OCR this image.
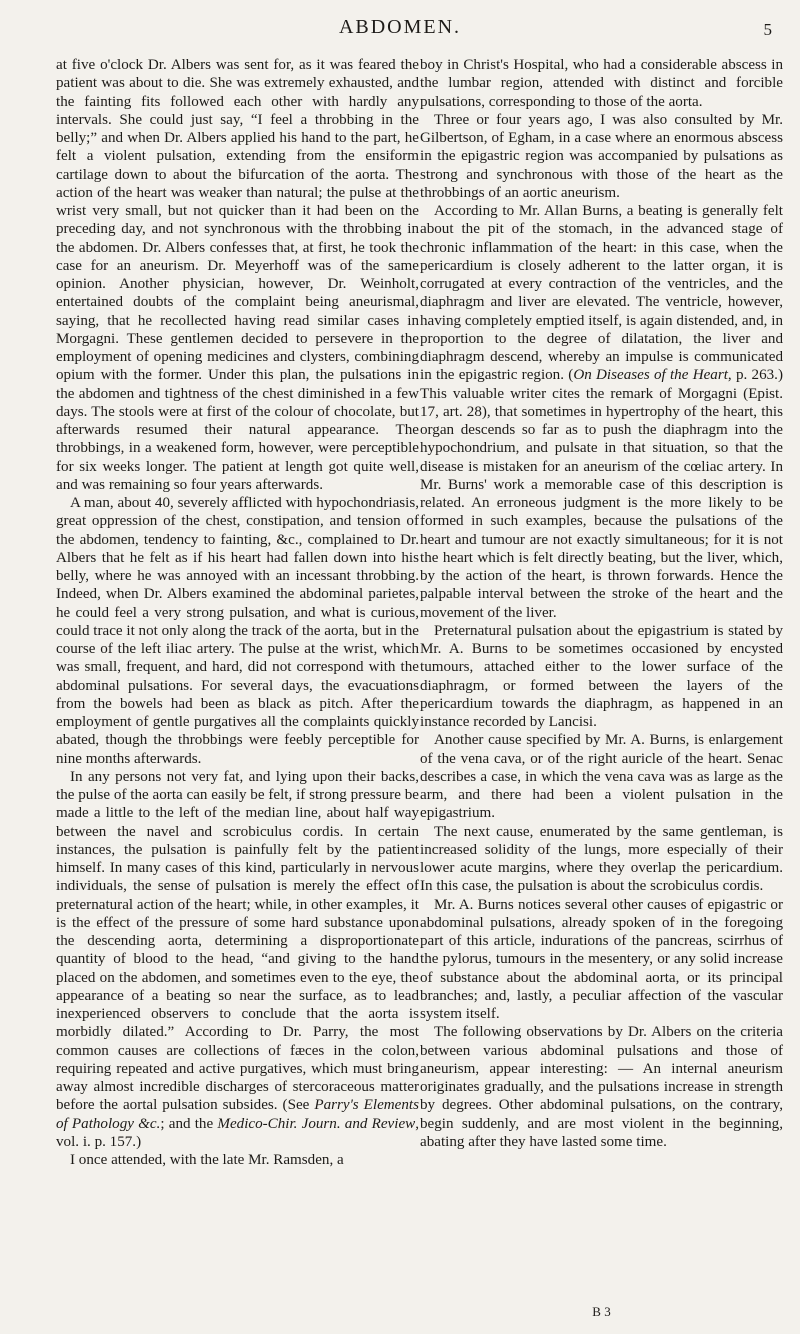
ABDOMEN.	5

at five o'clock Dr. Albers was sent for, as it was feared the patient was about to die. She was extremely exhausted, and the fainting fits followed each other with hardly any intervals. She could just say, “I feel a throbbing in the belly;” and when Dr. Albers applied his hand to the part, he felt a violent pulsation, extending from the ensiform cartilage down to about the bifurcation of the aorta. The action of the heart was weaker than natural; the pulse at the wrist very small, but not quicker than it had been on the preceding day, and not synchronous with the throbbing in the abdomen. Dr. Albers confesses that, at first, he took the case for an aneurism. Dr. Meyerhoff was of the same opinion. Another physician, however, Dr. Weinholt, entertained doubts of the complaint being aneurismal, saying, that he recollected having read similar cases in Morgagni. These gentlemen decided to persevere in the employment of opening medicines and clysters, combining opium with the former. Under this plan, the pulsations in the abdomen and tightness of the chest diminished in a few days. The stools were at first of the colour of chocolate, but afterwards resumed their natural appearance. The throbbings, in a weakened form, however, were perceptible for six weeks longer. The patient at length got quite well, and was remaining so four years afterwards.

A man, about 40, severely afflicted with hypochondriasis, great oppression of the chest, constipation, and tension of the abdomen, tendency to fainting, &c., complained to Dr. Albers that he felt as if his heart had fallen down into his belly, where he was annoyed with an incessant throbbing. Indeed, when Dr. Albers examined the abdominal parietes, he could feel a very strong pulsation, and what is curious, could trace it not only along the track of the aorta, but in the course of the left iliac artery. The pulse at the wrist, which was small, frequent, and hard, did not correspond with the abdominal pulsations. For several days, the evacuations from the bowels had been as black as pitch. After the employment of gentle purgatives all the complaints quickly abated, though the throbbings were feebly perceptible for nine months afterwards.

In any persons not very fat, and lying upon their backs, the pulse of the aorta can easily be felt, if strong pressure be made a little to the left of the median line, about half way between the navel and scrobiculus cordis. In certain instances, the pulsation is painfully felt by the patient himself. In many cases of this kind, particularly in nervous individuals, the sense of pulsation is merely the effect of preternatural action of the heart; while, in other examples, it is the effect of the pressure of some hard substance upon the descending aorta, determining a disproportionate quantity of blood to the head, “and giving to the hand placed on the abdomen, and sometimes even to the eye, the appearance of a beating so near the surface, as to lead inexperienced observers to conclude that the aorta is morbidly dilated.” According to Dr. Parry, the most common causes are collections of fæces in the colon, requiring repeated and active purgatives, which must bring away almost incredible discharges of stercoraceous matter before the aortal pulsation subsides. (See Parry's Elements of Pathology &c.; and the Medico-Chir. Journ. and Review, vol. i. p. 157.)

I once attended, with the late Mr. Ramsden, a

boy in Christ's Hospital, who had a considerable abscess in the lumbar region, attended with distinct and forcible pulsations, corresponding to those of the aorta.

Three or four years ago, I was also consulted by Mr. Gilbertson, of Egham, in a case where an enormous abscess in the epigastric region was accompanied by pulsations as strong and synchronous with those of the heart as the throbbings of an aortic aneurism.

According to Mr. Allan Burns, a beating is generally felt about the pit of the stomach, in the advanced stage of chronic inflammation of the heart: in this case, when the pericardium is closely adherent to the latter organ, it is corrugated at every contraction of the ventricles, and the diaphragm and liver are elevated. The ventricle, however, having completely emptied itself, is again distended, and, in proportion to the degree of dilatation, the liver and diaphragm descend, whereby an impulse is communicated in the epigastric region. (On Diseases of the Heart, p. 263.) This valuable writer cites the remark of Morgagni (Epist. 17, art. 28), that sometimes in hypertrophy of the heart, this organ descends so far as to push the diaphragm into the hypochondrium, and pulsate in that situation, so that the disease is mistaken for an aneurism of the cœliac artery. In Mr. Burns' work a memorable case of this description is related. An erroneous judgment is the more likely to be formed in such examples, because the pulsations of the heart and tumour are not exactly simultaneous; for it is not the heart which is felt directly beating, but the liver, which, by the action of the heart, is thrown forwards. Hence the palpable interval between the stroke of the heart and the movement of the liver.

Preternatural pulsation about the epigastrium is stated by Mr. A. Burns to be sometimes occasioned by encysted tumours, attached either to the lower surface of the diaphragm, or formed between the layers of the pericardium towards the diaphragm, as happened in an instance recorded by Lancisi.

Another cause specified by Mr. A. Burns, is enlargement of the vena cava, or of the right auricle of the heart. Senac describes a case, in which the vena cava was as large as the arm, and there had been a violent pulsation in the epigastrium.

The next cause, enumerated by the same gentleman, is increased solidity of the lungs, more especially of their lower acute margins, where they overlap the pericardium. In this case, the pulsation is about the scrobiculus cordis.

Mr. A. Burns notices several other causes of epigastric or abdominal pulsations, already spoken of in the foregoing part of this article, indurations of the pancreas, scirrhus of the pylorus, tumours in the mesentery, or any solid increase of substance about the abdominal aorta, or its principal branches; and, lastly, a peculiar affection of the vascular system itself.

The following observations by Dr. Albers on the criteria between various abdominal pulsations and those of aneurism, appear interesting: — An internal aneurism originates gradually, and the pulsations increase in strength by degrees. Other abdominal pulsations, on the contrary, begin suddenly, and are most violent in the beginning, abating after they have lasted some time.

B 3
